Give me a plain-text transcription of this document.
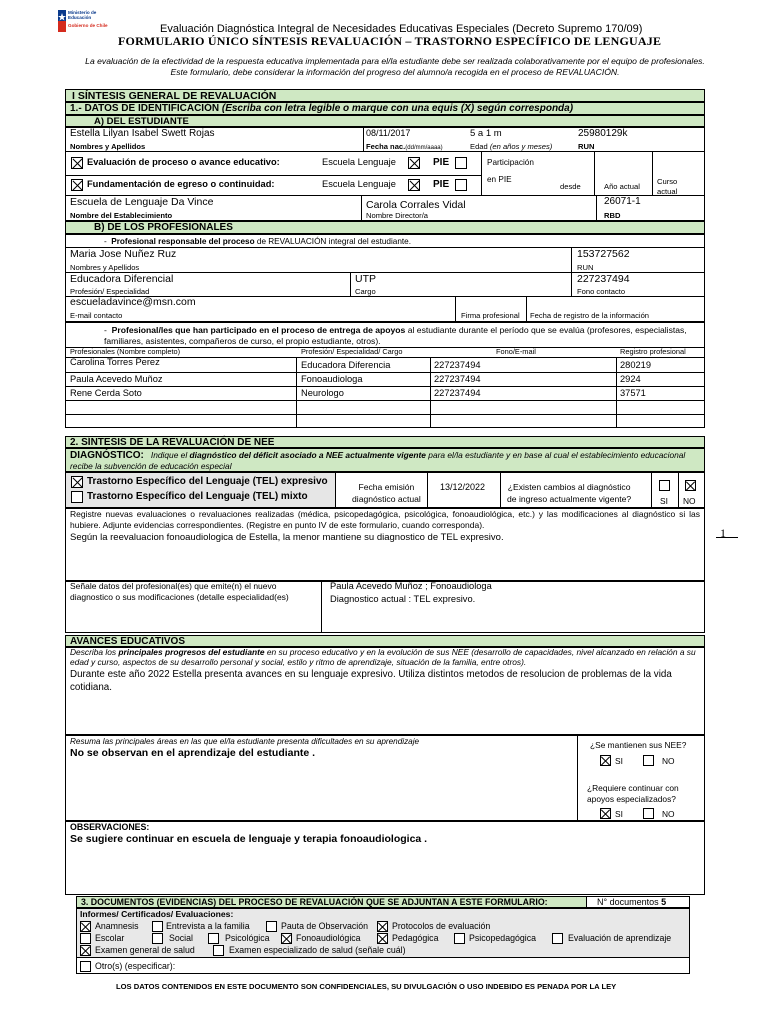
Ministerio de
Educación
Gobierno de Chile	Evaluación Diagnóstica Integral de Necesidades Educativas Especiales (Decreto Supremo 170/09)
FORMULARIO ÚNICO SÍNTESIS REVALUACIÓN – TRASTORNO ESPECÍFICO DE LENGUAJE
La evaluación de la efectividad de la respuesta educativa implementada para el/la estudiante debe ser realizada colaborativamente por el equipo de profesionales. Este formulario, debe considerar la información del progreso del alumno/a recogida en el proceso de REVALUACIÓN.
I SÍNTESIS GENERAL DE REVALUACIÓN
1.- DATOS DE IDENTIFICACIÓN (Escriba con letra legible o marque con una equis (X) según corresponda)
A) DEL ESTUDIANTE
Estella Lilyan Isabel Swett Rojas
Nombres y Apellidos
08/11/2017
Fecha nac.(dd/mm/aaaa)
5 a 1 m
Edad (en años y meses)
25980129k
RUN
Evaluación de proceso o avance educativo:	Escuela Lenguaje	PIE
Fundamentación de egreso o continuidad:	Escuela Lenguaje	PIE
Participación
en PIE
desde	Año actual
Curso
actual
Escuela de Lenguaje Da Vince
Nombre del Establecimiento
Carola Corrales Vidal
Nombre Director/a
26071-1
RBD
B) DE LOS PROFESIONALES
-  Profesional responsable del proceso de REVALUACIÓN integral del estudiante.
Maria Jose Nuñez Ruz
Nombres y Apellidos
153727562
RUN
Educadora Diferencial
Profesión/ Especialidad
UTP
Cargo
227237494
Fono contacto
escueladavince@msn.com
E-mail contacto	Firma profesional Fecha de registro de la información
-  Profesional/les que han participado en el proceso de entrega de apoyos al estudiante durante el período que se evalúa (profesores, especialistas, familiares, asistentes, compañeros de curso, el propio estudiante, otros).
Profesionales (Nombre completo)	Profesión/ Especialidad/ Cargo	Fono/E-mail	Registro profesional
Carolina Torres Perez	Educadora Diferencia	227237494	280219
Paula Acevedo Muñoz	Fonoaudiologa	227237494	2924
Rene Cerda Soto	Neurologo	227237494	37571
2. SÍNTESIS DE LA REVALUACIÓN DE NEE
DIAGNÓSTICO: Indique el diagnóstico del déficit asociado a NEE actualmente vigente para el/la estudiante y en base al cual el establecimiento educacional recibe la subvención de educación especial
Trastorno Específico del Lenguaje (TEL) expresivo
Trastorno Específico del Lenguaje (TEL) mixto
Fecha emisión
diagnóstico actual
13/12/2022	¿Existen cambios al diagnóstico
de ingreso actualmente vigente?	SI NO
Registre nuevas evaluaciones o revaluaciones realizadas (médica, psicopedagógica, psicológica, fonoaudiológica, etc.) y las modificaciones al diagnóstico si las hubiere. Adjunte evidencias correspondientes. (Registre en punto IV de este formulario, cuando corresponda).
Según la reevaluacion fonoaudiologica de Estella, la menor mantiene su diagnostico de TEL expresivo.
Señale datos del profesional(es) que emite(n) el nuevo diagnostico o sus modificaciones (detalle especialidad(es)
Paula Acevedo Muñoz ; Fonoaudiologa
Diagnostico actual : TEL expresivo.
AVANCES EDUCATIVOS
Describa los principales progresos del estudiante en su proceso educativo y en la evolución de sus NEE (desarrollo de capacidades, nivel alcanzado en relación a su edad y curso, aspectos de su desarrollo personal y social, estilo y ritmo de aprendizaje, situación de la familia, entre otros).
Durante este año 2022 Estella presenta avances en su lenguaje expresivo. Utiliza distintos metodos de resolucion de problemas de la vida cotidiana.
Resuma las principales áreas en las que el/la estudiante presenta dificultades en su aprendizaje
No se observan en el aprendizaje del estudiante .
¿Se mantienen sus NEE?
SI	NO
¿Requiere continuar con
apoyos especializados?
SI	NO
OBSERVACIONES:
Se sugiere continuar en escuela de lenguaje y terapia fonoaudiologica .
3. DOCUMENTOS (EVIDENCIAS) DEL PROCESO DE REVALUACIÓN QUE SE ADJUNTAN A ESTE FORMULARIO:	N° documentos 5
Informes/ Certificados/ Evaluaciones:
Anamnesis	Entrevista a la familia	Pauta de Observación	Protocolos de evaluación
Escolar	Social	Psicológica	Fonoaudiológica	Pedagógica	Psicopedagógica	Evaluación de aprendizaje
Examen general de salud	Examen especializado de salud (señale cuál)
Otro(s) (especificar):
LOS DATOS CONTENIDOS EN ESTE DOCUMENTO SON CONFIDENCIALES, SU DIVULGACIÓN O USO INDEBIDO ES PENADA POR LA LEY
1
